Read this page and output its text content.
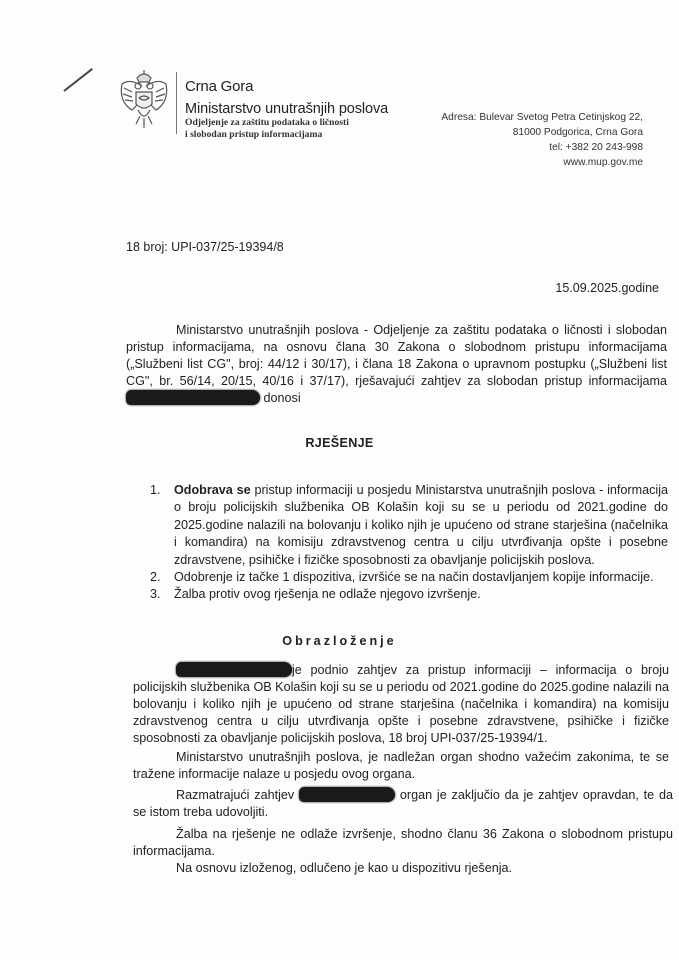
Crna Gora
Ministarstvo unutrašnjih poslova
Odjeljenje za zaštitu podataka o ličnosti
i slobodan pristup informacijama
Adresa: Bulevar Svetog Petra Cetinjskog 22,
81000 Podgorica, Crna Gora
tel: +382 20 243-998
www.mup.gov.me
18 broj: UPI-037/25-19394/8
15.09.2025.godine
Ministarstvo unutrašnjih poslova - Odjeljenje za zaštitu podataka o ličnosti i slobodan pristup informacijama, na osnovu člana 30 Zakona o slobodnom pristupu informacijama („Službeni list CG", broj: 44/12 i 30/17), i člana 18 Zakona o upravnom postupku („Službeni list CG", br. 56/14, 20/15, 40/16 i 37/17), rješavajući zahtjev za slobodan pristup informacijama  donosi
RJEŠENJE
1. Odobrava se pristup informaciji u posjedu Ministarstva unutrašnjih poslova - informacija o broju policijskih službenika OB Kolašin koji su se u periodu od 2021.godine do 2025.godine nalazili na bolovanju i koliko njih je upućeno od strane starješina (načelnika i komandira) na komisiju zdravstvenog centra u cilju utvrđivanja opšte i posebne zdravstvene, psihičke i fizičke sposobnosti za obavljanje policijskih poslova.
2. Odobrenje iz tačke 1 dispozitiva, izvršiće se na način dostavljanjem kopije informacije.
3. Žalba protiv ovog rješenja ne odlaže njegovo izvršenje.
Obrazloženje
je podnio zahtjev za pristup informaciji – informacija o broju policijskih službenika OB Kolašin koji su se u periodu od 2021.godine do 2025.godine nalazili na bolovanju i koliko njih je upućeno od strane starješina (načelnika i komandira) na komisiju zdravstvenog centra u cilju utvrđivanja opšte i posebne zdravstvene, psihičke i fizičke sposobnosti za obavljanje policijskih poslova, 18 broj UPI-037/25-19394/1.
Ministarstvo unutrašnjih poslova, je nadležan organ shodno važećim zakonima, te se tražene informacije nalaze u posjedu ovog organa.
Razmatrajući zahtjev	organ je zaključio da je zahtjev opravdan, te da se istom treba udovoljiti.
Žalba na rješenje ne odlaže izvršenje, shodno članu 36 Zakona o slobodnom pristupu informacijama.
Na osnovu izloženog, odlučeno je kao u dispozitivu rješenja.
